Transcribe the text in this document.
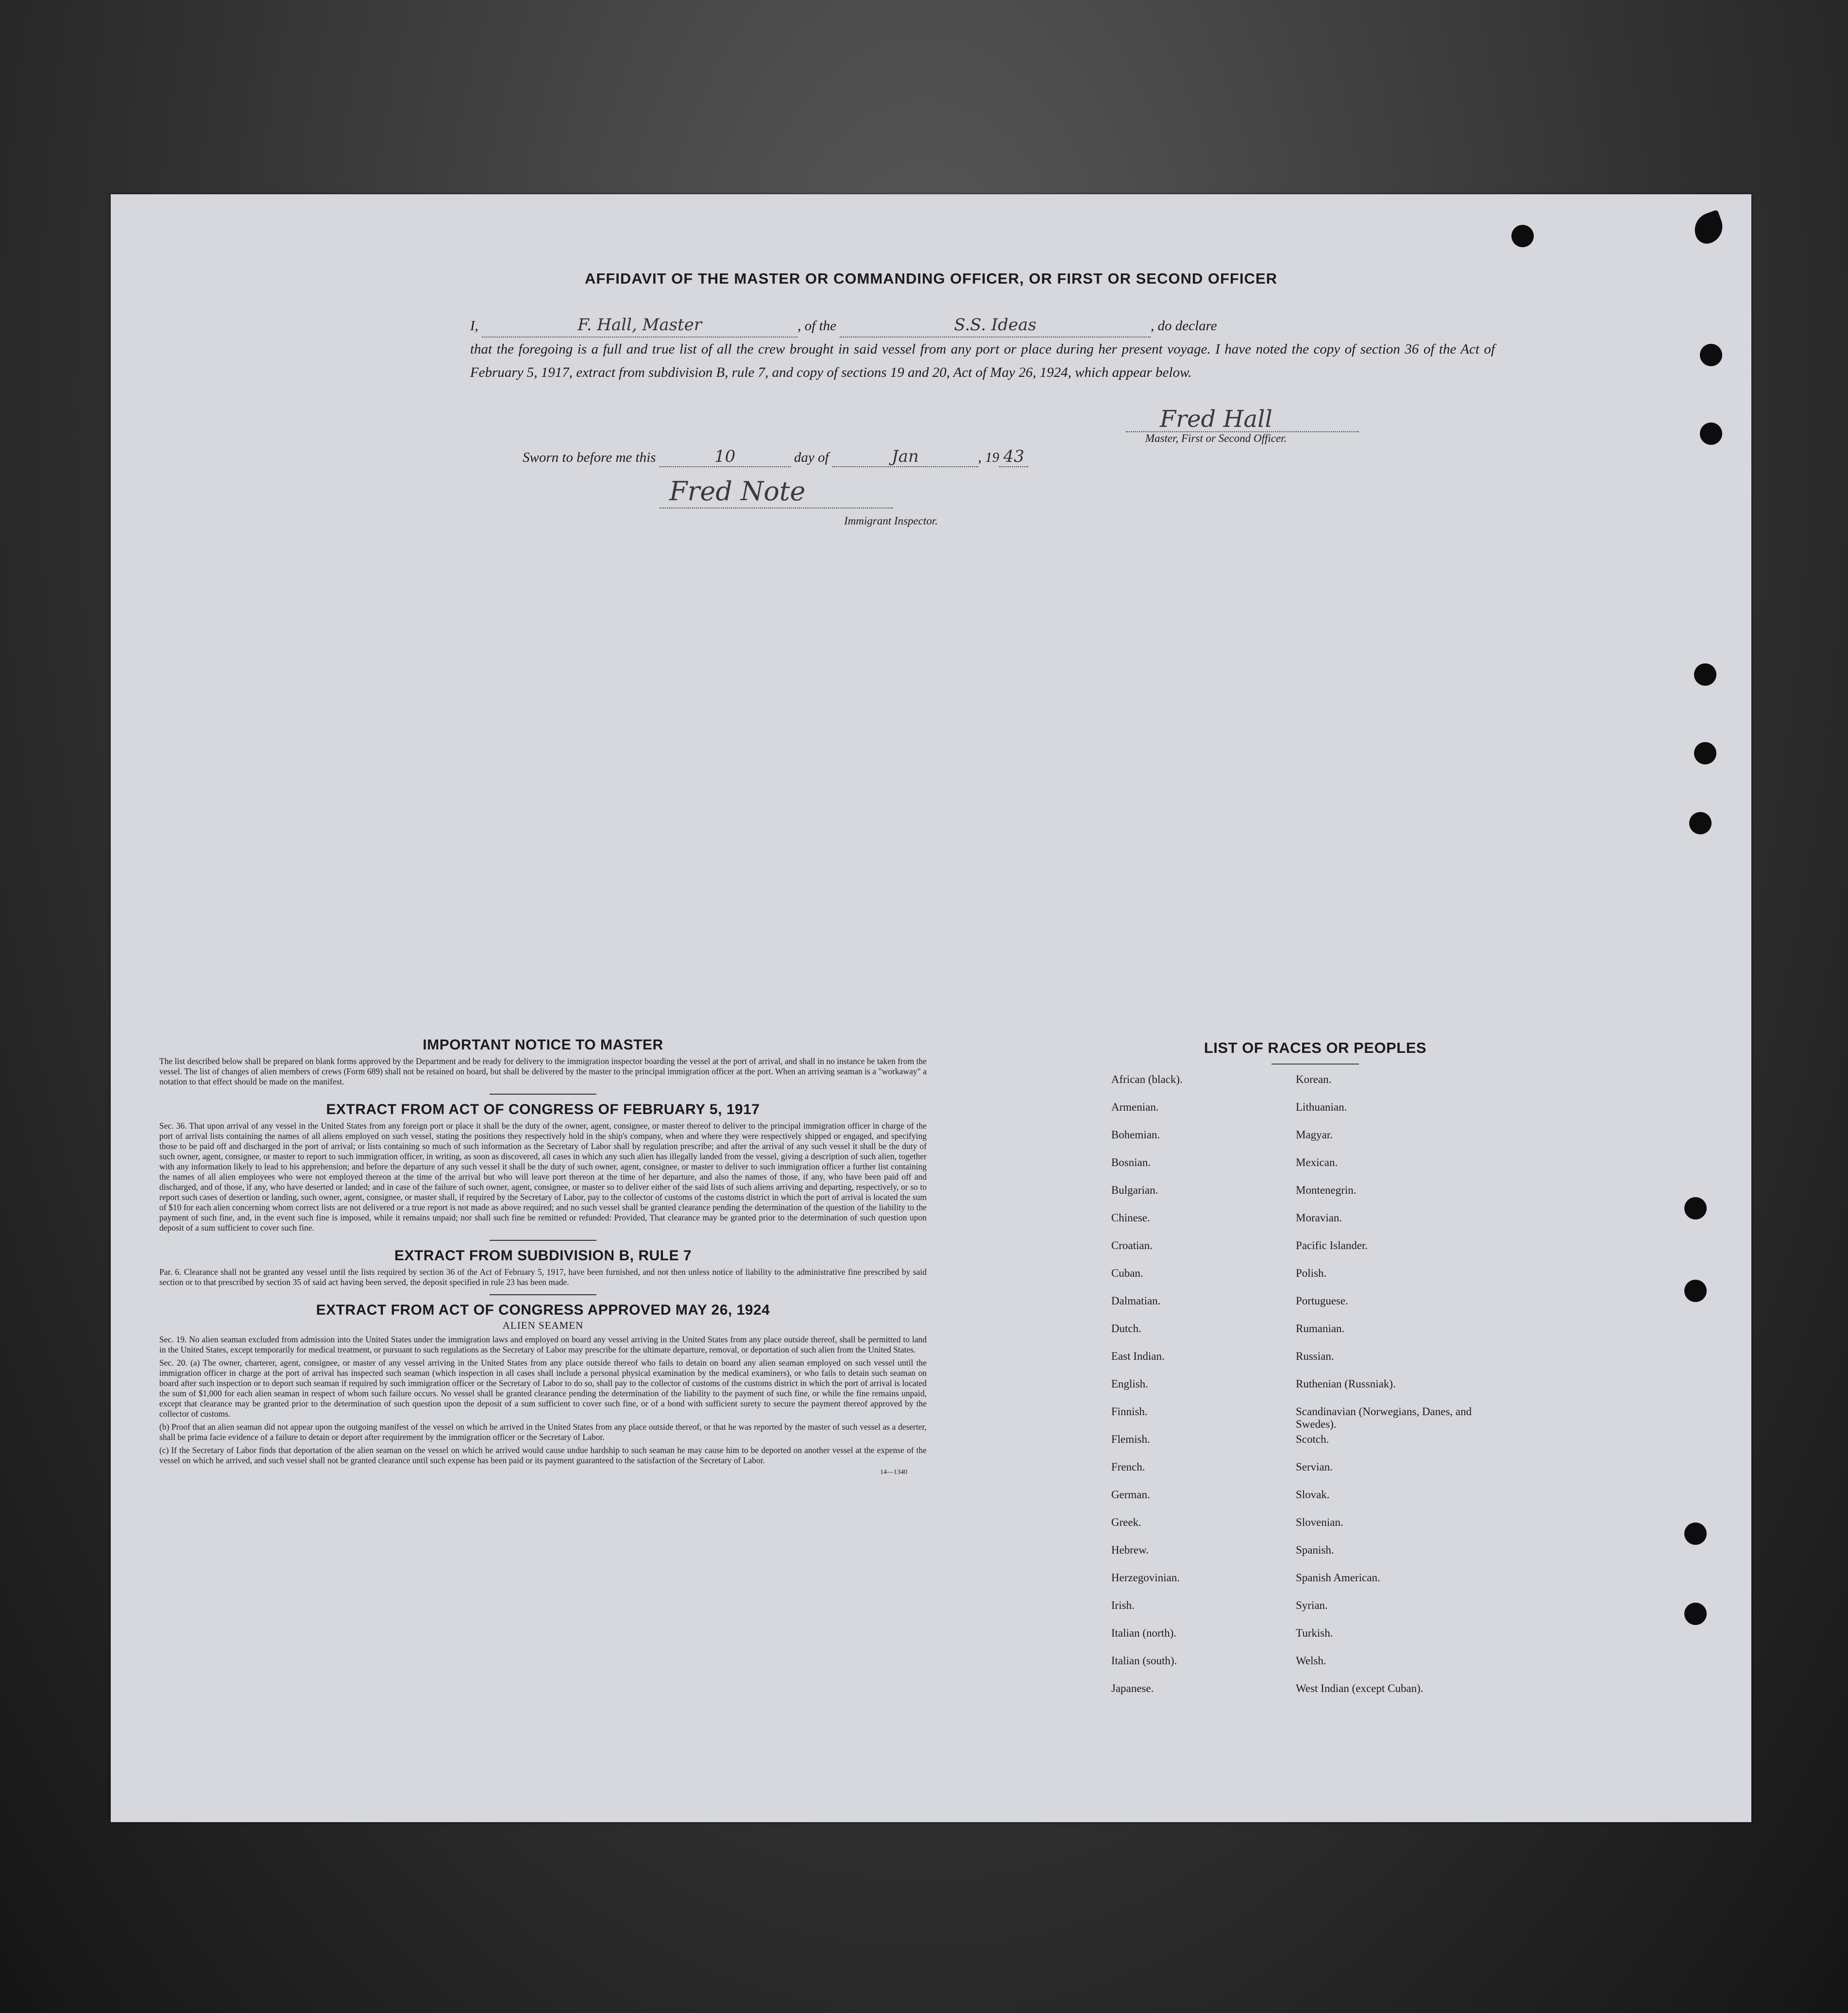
AFFIDAVIT OF THE MASTER OR COMMANDING OFFICER, OR FIRST OR SECOND OFFICER
I,	F. Hall, Master	, of the	S.S. Ideas	, do declare
that the foregoing is a full and true list of all the crew brought in said vessel from any port or place during her present voyage. I have noted the copy of section 36 of the Act of February 5, 1917, extract from subdivision B, rule 7, and copy of sections 19 and 20, Act of May 26, 1924, which appear below.
Fred Hall
Master, First or Second Officer.
Sworn to before me this	10	day of	Jan	, 19 43
Fred Note
Immigrant Inspector.
IMPORTANT NOTICE TO MASTER

The list described below shall be prepared on blank forms approved by the Department and be ready for delivery to the immigration inspector boarding the vessel at the port of arrival, and shall in no instance be taken from the vessel. The list of changes of alien members of crews (Form 689) shall not be retained on board, but shall be delivered by the master to the principal immigration officer at the port. When an arriving seaman is a "workaway" a notation to that effect should be made on the manifest.

EXTRACT FROM ACT OF CONGRESS OF FEBRUARY 5, 1917

Sec. 36. That upon arrival of any vessel in the United States from any foreign port or place it shall be the duty of the owner, agent, consignee, or master thereof to deliver to the principal immigration officer in charge of the port of arrival lists containing the names of all aliens employed on such vessel, stating the positions they respectively hold in the ship's company, when and where they were respectively shipped or engaged, and specifying those to be paid off and discharged in the port of arrival; or lists containing so much of such information as the Secretary of Labor shall by regulation prescribe; and after the arrival of any such vessel it shall be the duty of such owner, agent, consignee, or master to report to such immigration officer, in writing, as soon as discovered, all cases in which any such alien has illegally landed from the vessel, giving a description of such alien, together with any information likely to lead to his apprehension; and before the departure of any such vessel it shall be the duty of such owner, agent, consignee, or master to deliver to such immigration officer a further list containing the names of all alien employees who were not employed thereon at the time of the arrival but who will leave port thereon at the time of her departure, and also the names of those, if any, who have been paid off and discharged, and of those, if any, who have deserted or landed; and in case of the failure of such owner, agent, consignee, or master so to deliver either of the said lists of such aliens arriving and departing, respectively, or so to report such cases of desertion or landing, such owner, agent, consignee, or master shall, if required by the Secretary of Labor, pay to the collector of customs of the customs district in which the port of arrival is located the sum of $10 for each alien concerning whom correct lists are not delivered or a true report is not made as above required; and no such vessel shall be granted clearance pending the determination of the question of the liability to the payment of such fine, and, in the event such fine is imposed, while it remains unpaid; nor shall such fine be remitted or refunded: Provided, That clearance may be granted prior to the determination of such question upon deposit of a sum sufficient to cover such fine.

EXTRACT FROM SUBDIVISION B, RULE 7

Par. 6. Clearance shall not be granted any vessel until the lists required by section 36 of the Act of February 5, 1917, have been furnished, and not then unless notice of liability to the administrative fine prescribed by said section or to that prescribed by section 35 of said act having been served, the deposit specified in rule 23 has been made.

EXTRACT FROM ACT OF CONGRESS APPROVED MAY 26, 1924

ALIEN SEAMEN

Sec. 19. No alien seaman excluded from admission into the United States under the immigration laws and employed on board any vessel arriving in the United States from any place outside thereof, shall be permitted to land in the United States, except temporarily for medical treatment, or pursuant to such regulations as the Secretary of Labor may prescribe for the ultimate departure, removal, or deportation of such alien from the United States.

Sec. 20. (a) The owner, charterer, agent, consignee, or master of any vessel arriving in the United States from any place outside thereof who fails to detain on board any alien seaman employed on such vessel until the immigration officer in charge at the port of arrival has inspected such seaman (which inspection in all cases shall include a personal physical examination by the medical examiners), or who fails to detain such seaman on board after such inspection or to deport such seaman if required by such immigration officer or the Secretary of Labor to do so, shall pay to the collector of customs of the customs district in which the port of arrival is located the sum of $1,000 for each alien seaman in respect of whom such failure occurs. No vessel shall be granted clearance pending the determination of the liability to the payment of such fine, or while the fine remains unpaid, except that clearance may be granted prior to the determination of such question upon the deposit of a sum sufficient to cover such fine, or of a bond with sufficient surety to secure the payment thereof approved by the collector of customs.

(b) Proof that an alien seaman did not appear upon the outgoing manifest of the vessel on which he arrived in the United States from any place outside thereof, or that he was reported by the master of such vessel as a deserter, shall be prima facie evidence of a failure to detain or deport after requirement by the immigration officer or the Secretary of Labor.

(c) If the Secretary of Labor finds that deportation of the alien seaman on the vessel on which he arrived would cause undue hardship to such seaman he may cause him to be deported on another vessel at the expense of the vessel on which he arrived, and such vessel shall not be granted clearance until such expense has been paid or its payment guaranteed to the satisfaction of the Secretary of Labor.

14—1340
LIST OF RACES OR PEOPLES
African (black).	Korean.
Armenian.	Lithuanian.
Bohemian.	Magyar.
Bosnian.	Mexican.
Bulgarian.	Montenegrin.
Chinese.	Moravian.
Croatian.	Pacific Islander.
Cuban.	Polish.
Dalmatian.	Portuguese.
Dutch.	Rumanian.
East Indian.	Russian.
English.	Ruthenian (Russniak).
Finnish.	Scandinavian (Norwegians, Danes, and Swedes).
Flemish.	Scotch.
French.	Servian.
German.	Slovak.
Greek.	Slovenian.
Hebrew.	Spanish.
Herzegovinian.	Spanish American.
Irish.	Syrian.
Italian (north).	Turkish.
Italian (south).	Welsh.
Japanese.	West Indian (except Cuban).
